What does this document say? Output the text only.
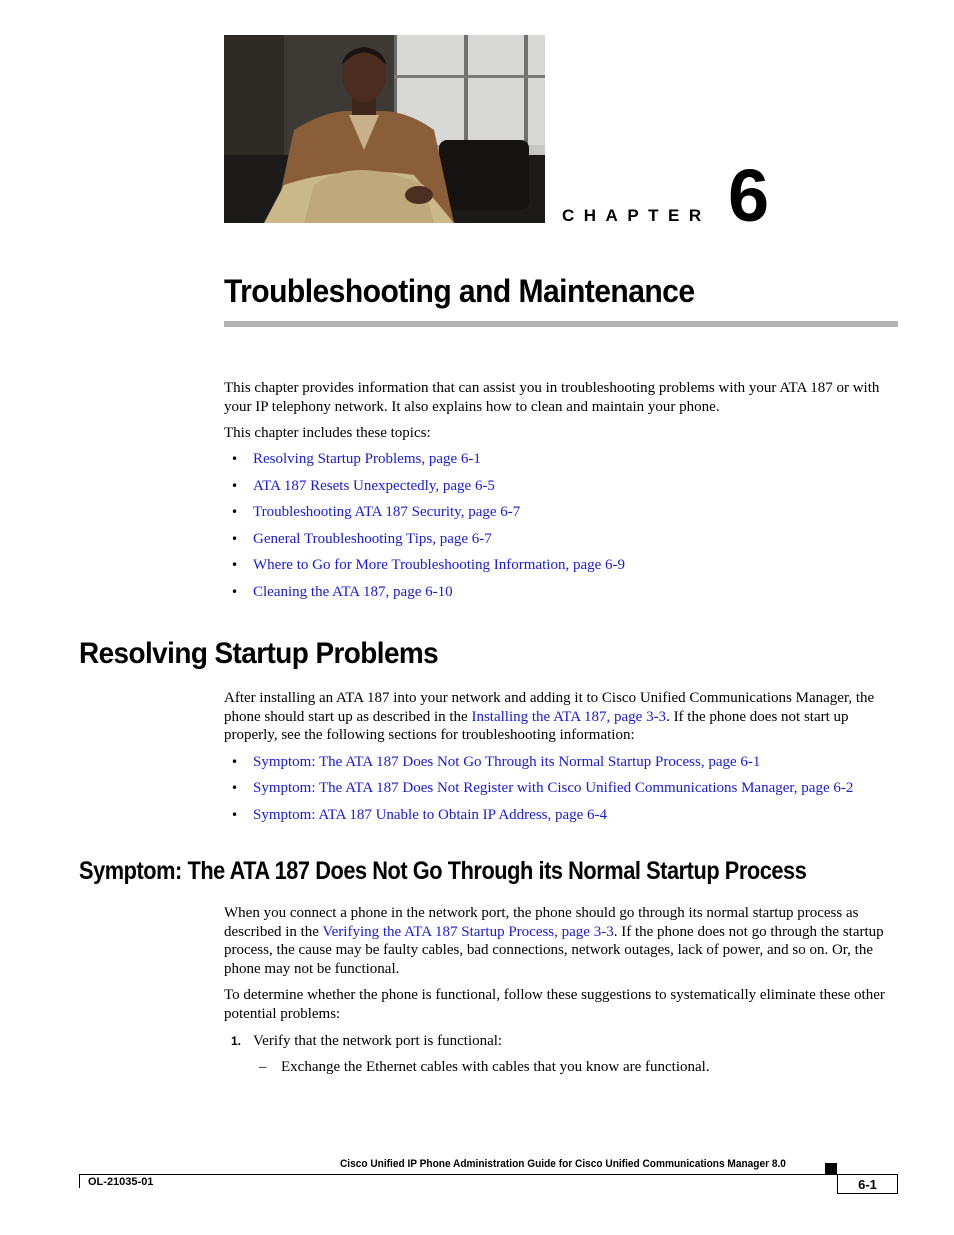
CHAPTER 6
Troubleshooting and Maintenance

This chapter provides information that can assist you in troubleshooting problems with your ATA 187 or with your IP telephony network. It also explains how to clean and maintain your phone.

This chapter includes these topics:

• Resolving Startup Problems, page 6-1

• ATA 187 Resets Unexpectedly, page 6-5

• Troubleshooting ATA 187 Security, page 6-7

• General Troubleshooting Tips, page 6-7

• Where to Go for More Troubleshooting Information, page 6-9

• Cleaning the ATA 187, page 6-10

Resolving Startup Problems

After installing an ATA 187 into your network and adding it to Cisco Unified Communications Manager, the phone should start up as described in the Installing the ATA 187, page 3-3. If the phone does not start up properly, see the following sections for troubleshooting information:

• Symptom: The ATA 187 Does Not Go Through its Normal Startup Process, page 6-1

• Symptom: The ATA 187 Does Not Register with Cisco Unified Communications Manager, page 6-2

• Symptom: ATA 187 Unable to Obtain IP Address, page 6-4

Symptom: The ATA 187 Does Not Go Through its Normal Startup Process

When you connect a phone in the network port, the phone should go through its normal startup process as described in the Verifying the ATA 187 Startup Process, page 3-3. If the phone does not go through the startup process, the cause may be faulty cables, bad connections, network outages, lack of power, and so on. Or, the phone may not be functional.

To determine whether the phone is functional, follow these suggestions to systematically eliminate these other potential problems:

1. Verify that the network port is functional:

– Exchange the Ethernet cables with cables that you know are functional.

Cisco Unified IP Phone Administration Guide for Cisco Unified Communications Manager 8.0
OL-21035-01	6-1
